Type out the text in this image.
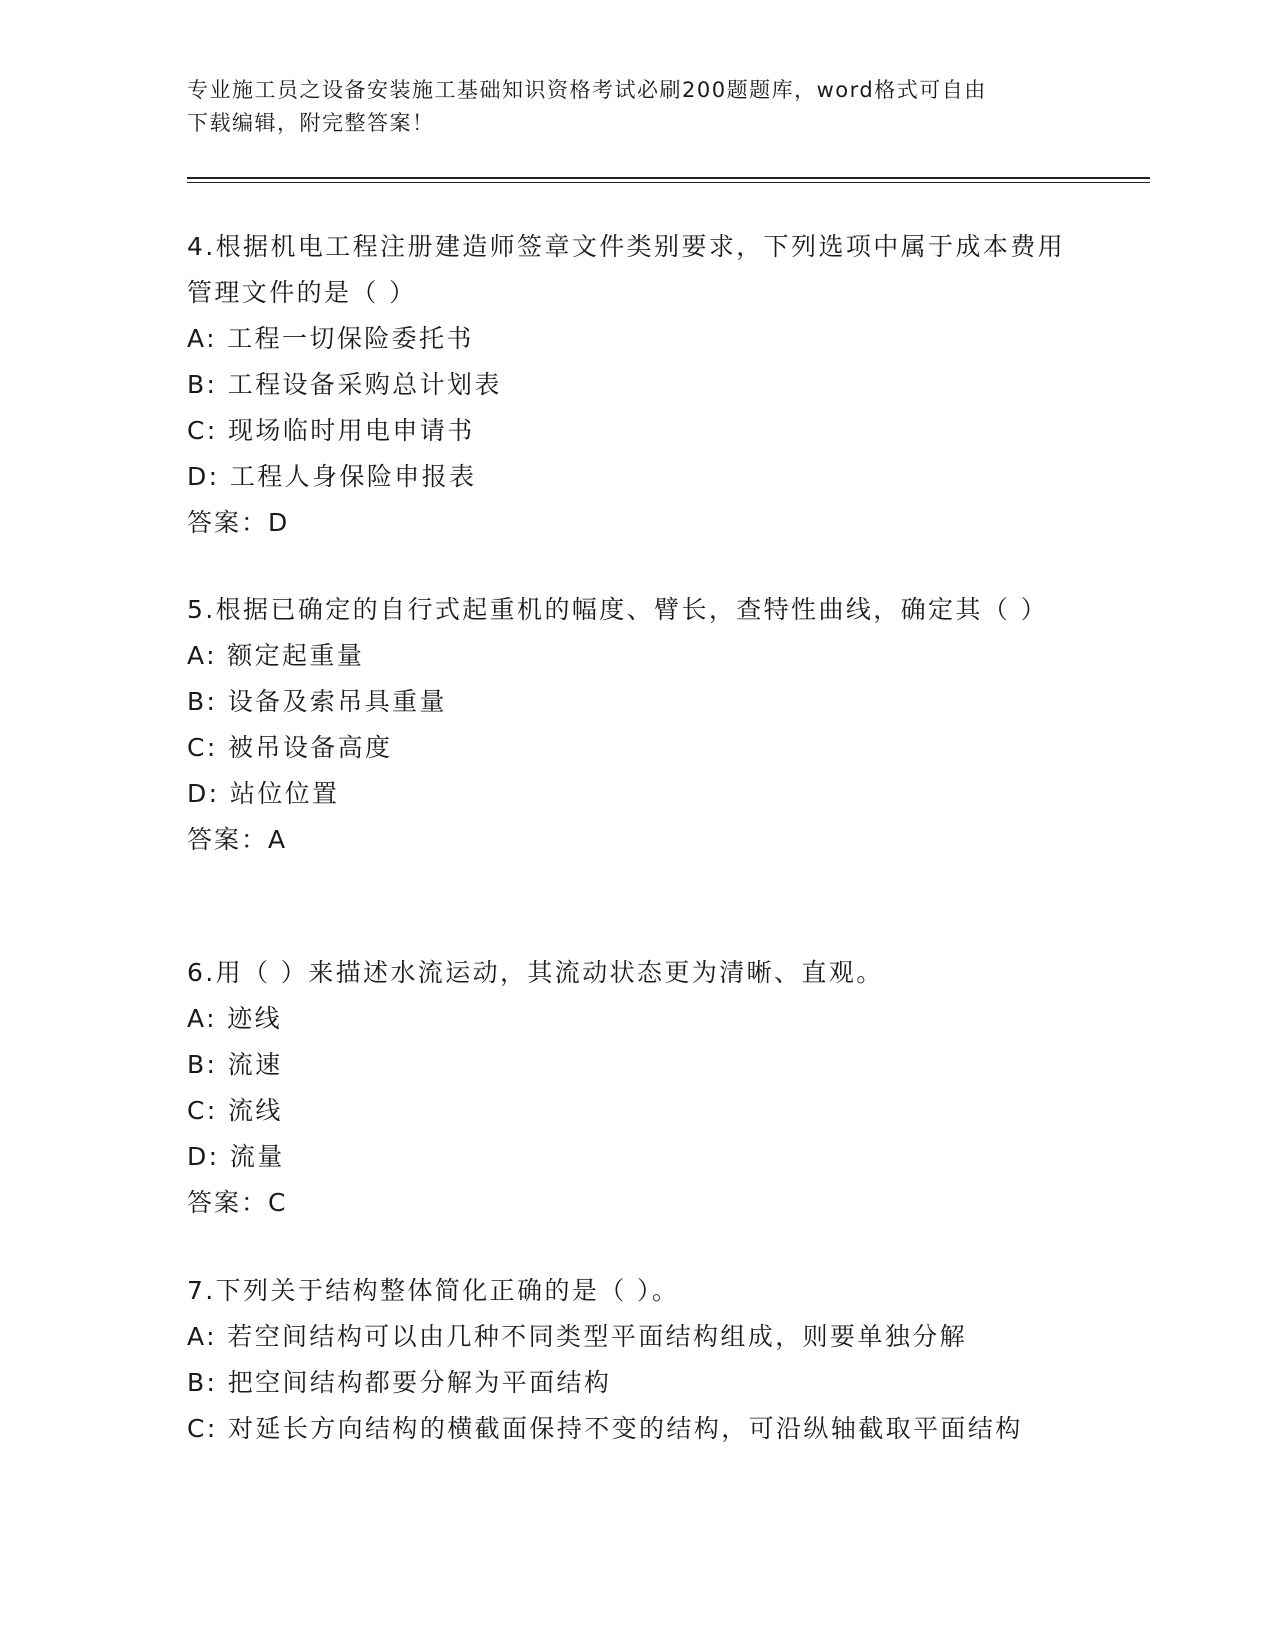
专业施工员之设备安装施工基础知识资格考试必刷200题题库，word格式可自由
下载编辑，附完整答案！
4.根据机电工程注册建造师签章文件类别要求，下列选项中属于成本费用管理文件的是（ ）
A: 工程一切保险委托书
B: 工程设备采购总计划表
C: 现场临时用电申请书
D: 工程人身保险申报表
答案：D
5.根据已确定的自行式起重机的幅度、臂长，查特性曲线，确定其（ ）
A: 额定起重量
B: 设备及索吊具重量
C: 被吊设备高度
D: 站位位置
答案：A
6.用（ ）来描述水流运动，其流动状态更为清晰、直观。
A: 迹线
B: 流速
C: 流线
D: 流量
答案：C
7.下列关于结构整体简化正确的是（ ）。
A: 若空间结构可以由几种不同类型平面结构组成，则要单独分解
B: 把空间结构都要分解为平面结构
C: 对延长方向结构的横截面保持不变的结构，可沿纵轴截取平面结构
